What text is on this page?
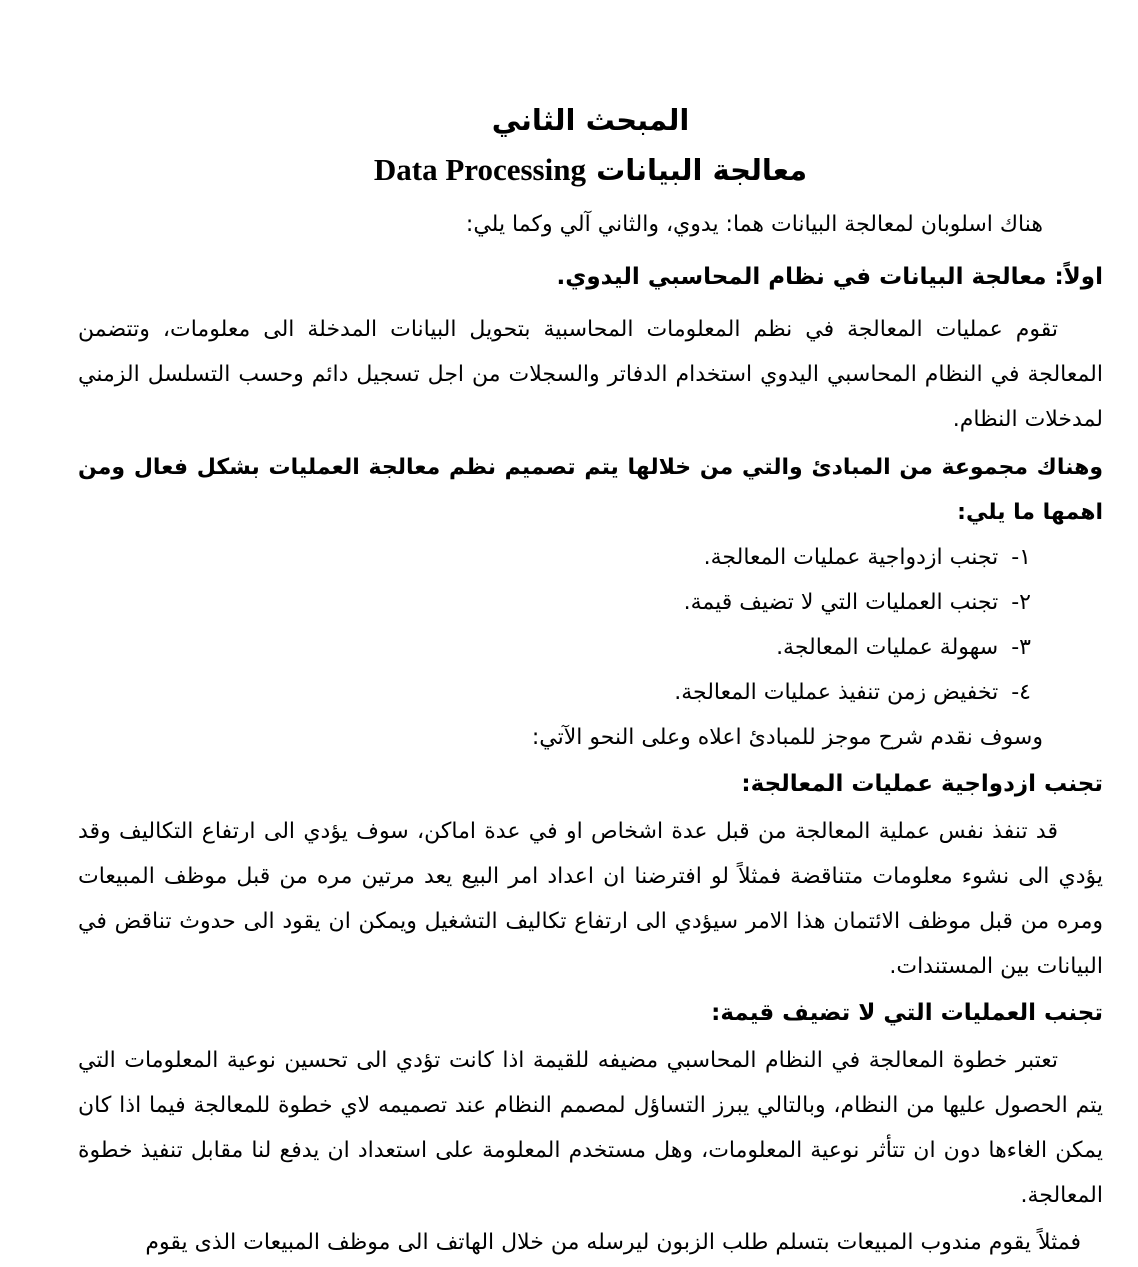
المبحث الثاني
معالجة البيانات Data Processing

هناك اسلوبان لمعالجة البيانات هما: يدوي، والثاني آلي وكما يلي:

اولاً: معالجة البيانات في نظام المحاسبي اليدوي.

تقوم عمليات المعالجة في نظم المعلومات المحاسبية بتحويل البيانات المدخلة الى معلومات، وتتضمن المعالجة في النظام المحاسبي اليدوي استخدام الدفاتر والسجلات من اجل تسجيل دائم وحسب التسلسل الزمني لمدخلات النظام.

وهناك مجموعة من المبادئ والتي من خلالها يتم تصميم نظم معالجة العمليات بشكل فعال ومن اهمها ما يلي:

١- تجنب ازدواجية عمليات المعالجة.
٢- تجنب العمليات التي لا تضيف قيمة.
٣- سهولة عمليات المعالجة.
٤- تخفيض زمن تنفيذ عمليات المعالجة.

وسوف نقدم شرح موجز للمبادئ اعلاه وعلى النحو الآتي:

تجنب ازدواجية عمليات المعالجة:

قد تنفذ نفس عملية المعالجة من قبل عدة اشخاص او في عدة اماكن، سوف يؤدي الى ارتفاع التكاليف وقد يؤدي الى نشوء معلومات متناقضة فمثلاً لو افترضنا ان اعداد امر البيع يعد مرتين مره من قبل موظف المبيعات ومره من قبل موظف الائتمان هذا الامر سيؤدي الى ارتفاع تكاليف التشغيل ويمكن ان يقود الى حدوث تناقض في البيانات بين المستندات.

تجنب العمليات التي لا تضيف قيمة:

تعتبر خطوة المعالجة في النظام المحاسبي مضيفه للقيمة اذا كانت تؤدي الى تحسين نوعية المعلومات التي يتم الحصول عليها من النظام، وبالتالي يبرز التساؤل لمصمم النظام عند تصميمه لاي خطوة للمعالجة فيما اذا كان يمكن الغاءها دون ان تتأثر نوعية المعلومات، وهل مستخدم المعلومة على استعداد ان يدفع لنا مقابل تنفيذ خطوة المعالجة.

فمثلاً يقوم مندوب المبيعات بتسلم طلب الزبون ليرسله من خلال الهاتف الى موظف المبيعات الذى يقوم
